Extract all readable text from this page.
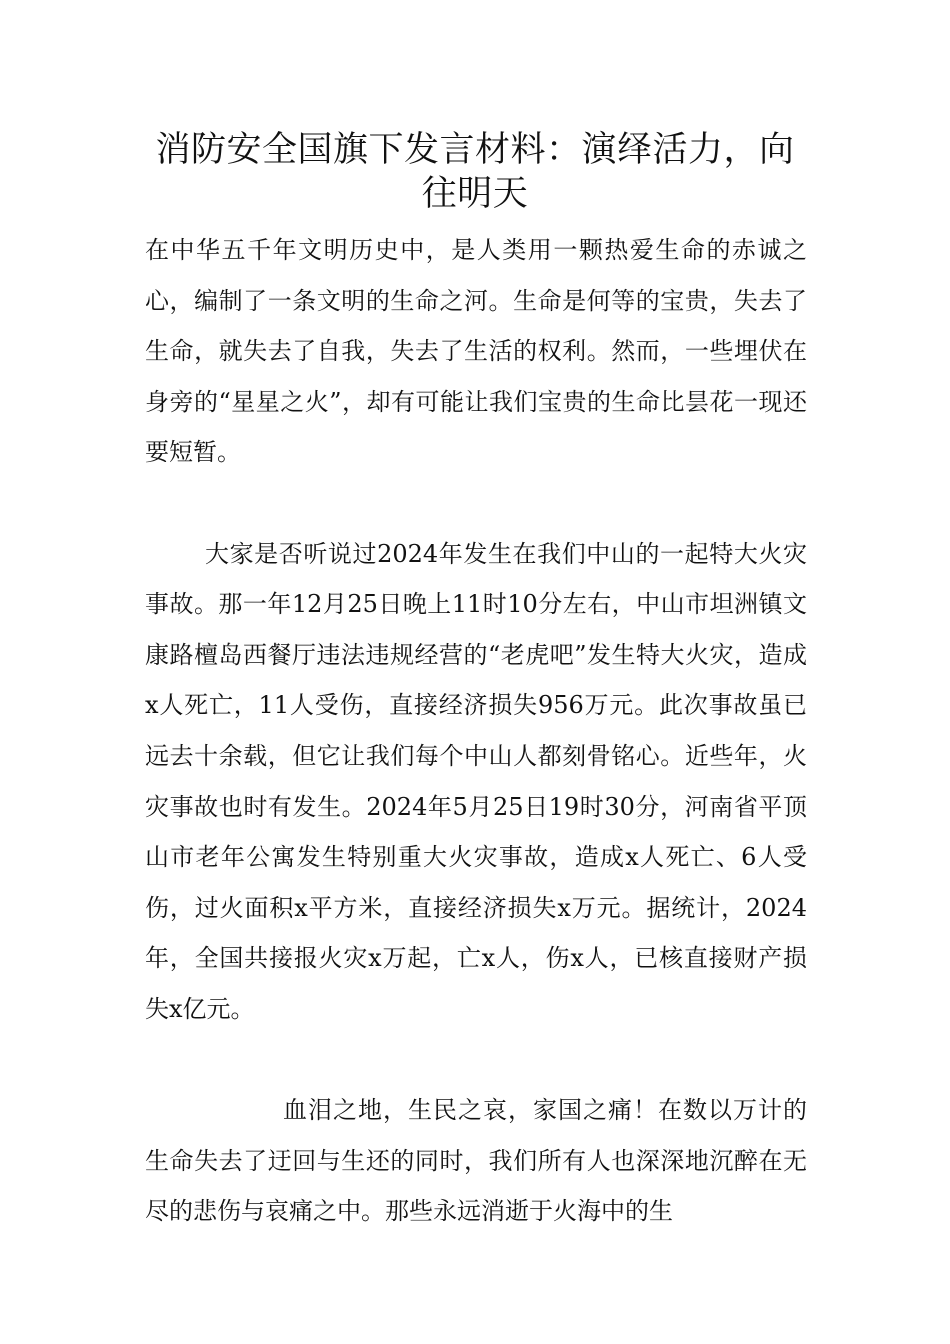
消防安全国旗下发言材料：演绎活力，向往明天

在中华五千年文明历史中，是人类用一颗热爱生命的赤诚之心，编制了一条文明的生命之河。生命是何等的宝贵，失去了生命，就失去了自我，失去了生活的权利。然而，一些埋伏在身旁的“星星之火”，却有可能让我们宝贵的生命比昙花一现还要短暂。

大家是否听说过2024年发生在我们中山的一起特大火灾事故。那一年12月25日晚上11时10分左右，中山市坦洲镇文康路檀岛西餐厅违法违规经营的“老虎吧”发生特大火灾，造成x人死亡，11人受伤，直接经济损失956万元。此次事故虽已远去十余载，但它让我们每个中山人都刻骨铭心。近些年，火灾事故也时有发生。2024年5月25日19时30分，河南省平顶山市老年公寓发生特别重大火灾事故，造成x人死亡、6人受伤，过火面积x平方米，直接经济损失x万元。据统计，2024年，全国共接报火灾x万起，亡x人，伤x人，已核直接财产损失x亿元。

血泪之地，生民之哀，家国之痛！在数以万计的生命失去了迂回与生还的同时，我们所有人也深深地沉醉在无尽的悲伤与哀痛之中。那些永远消逝于火海中的生
